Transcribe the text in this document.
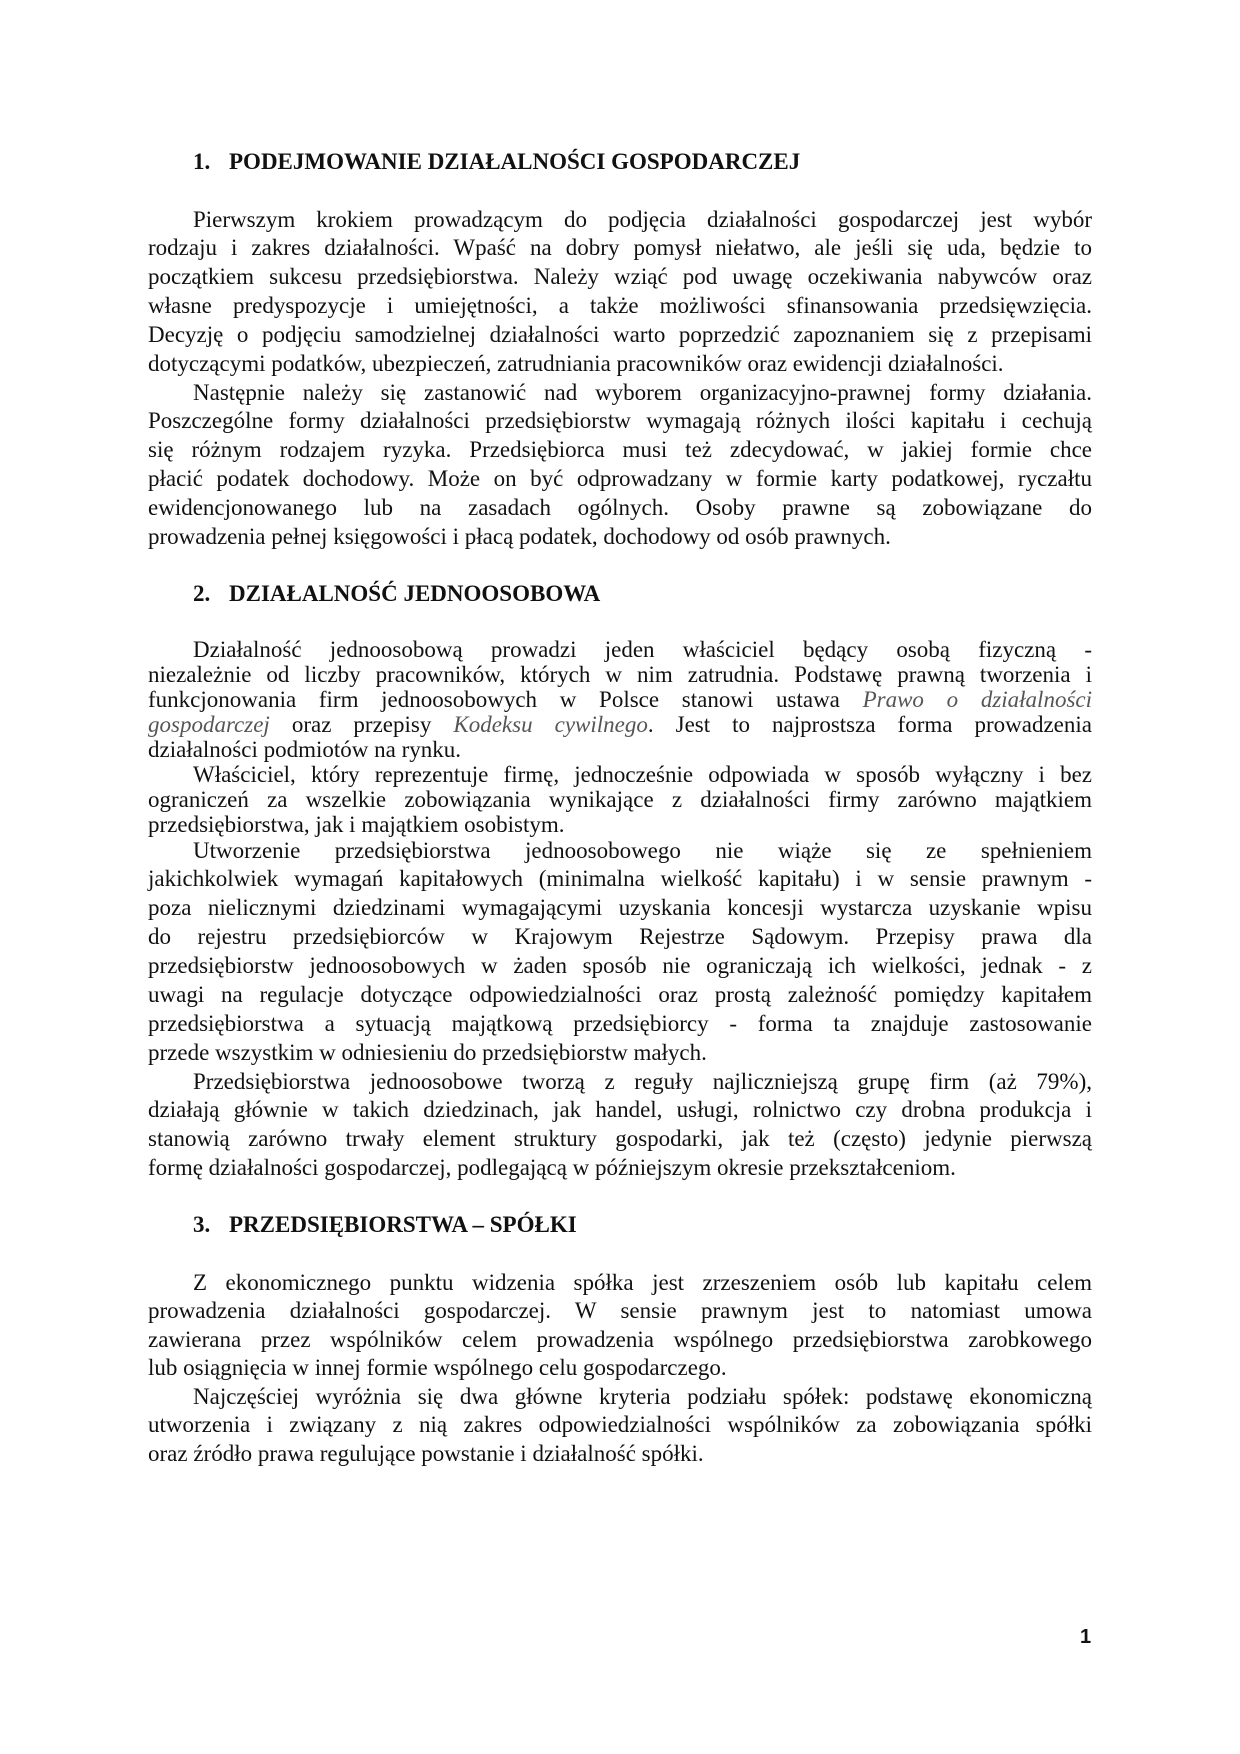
1. PODEJMOWANIE DZIAŁALNOŚCI GOSPODARCZEJ
Pierwszym krokiem prowadzącym do podjęcia działalności gospodarczej jest wybór
rodzaju i zakres działalności. Wpaść na dobry pomysł niełatwo, ale jeśli się uda, będzie to
początkiem sukcesu przedsiębiorstwa. Należy wziąć pod uwagę oczekiwania nabywców oraz
własne predyspozycje i umiejętności, a także możliwości sfinansowania przedsięwzięcia.
Decyzję o podjęciu samodzielnej działalności warto poprzedzić zapoznaniem się z przepisami
dotyczącymi podatków, ubezpieczeń, zatrudniania pracowników oraz ewidencji działalności.
Następnie należy się zastanowić nad wyborem organizacyjno-prawnej formy działania.
Poszczególne formy działalności przedsiębiorstw wymagają różnych ilości kapitału i cechują
się różnym rodzajem ryzyka. Przedsiębiorca musi też zdecydować, w jakiej formie chce
płacić podatek dochodowy. Może on być odprowadzany w formie karty podatkowej, ryczałtu
ewidencjonowanego lub na zasadach ogólnych. Osoby prawne są zobowiązane do
prowadzenia pełnej księgowości i płacą podatek, dochodowy od osób prawnych.
2. DZIAŁALNOŚĆ JEDNOOSOBOWA
Działalność jednoosobową prowadzi jeden właściciel będący osobą fizyczną -
niezależnie od liczby pracowników, których w nim zatrudnia. Podstawę prawną tworzenia i
funkcjonowania firm jednoosobowych w Polsce stanowi ustawa Prawo o działalności
gospodarczej oraz przepisy Kodeksu cywilnego. Jest to najprostsza forma prowadzenia
działalności podmiotów na rynku.
Właściciel, który reprezentuje firmę, jednocześnie odpowiada w sposób wyłączny i bez
ograniczeń za wszelkie zobowiązania wynikające z działalności firmy zarówno majątkiem
przedsiębiorstwa, jak i majątkiem osobistym.
Utworzenie przedsiębiorstwa jednoosobowego nie wiąże się ze spełnieniem
jakichkolwiek wymagań kapitałowych (minimalna wielkość kapitału) i w sensie prawnym -
poza nielicznymi dziedzinami wymagającymi uzyskania koncesji wystarcza uzyskanie wpisu
do rejestru przedsiębiorców w Krajowym Rejestrze Sądowym. Przepisy prawa dla
przedsiębiorstw jednoosobowych w żaden sposób nie ograniczają ich wielkości, jednak - z
uwagi na regulacje dotyczące odpowiedzialności oraz prostą zależność pomiędzy kapitałem
przedsiębiorstwa a sytuacją majątkową przedsiębiorcy - forma ta znajduje zastosowanie
przede wszystkim w odniesieniu do przedsiębiorstw małych.
Przedsiębiorstwa jednoosobowe tworzą z reguły najliczniejszą grupę firm (aż 79%),
działają głównie w takich dziedzinach, jak handel, usługi, rolnictwo czy drobna produkcja i
stanowią zarówno trwały element struktury gospodarki, jak też (często) jedynie pierwszą
formę działalności gospodarczej, podlegającą w późniejszym okresie przekształceniom.
3. PRZEDSIĘBIORSTWA – SPÓŁKI
Z ekonomicznego punktu widzenia spółka jest zrzeszeniem osób lub kapitału celem
prowadzenia działalności gospodarczej. W sensie prawnym jest to natomiast umowa
zawierana przez wspólników celem prowadzenia wspólnego przedsiębiorstwa zarobkowego
lub osiągnięcia w innej formie wspólnego celu gospodarczego.
Najczęściej wyróżnia się dwa główne kryteria podziału spółek: podstawę ekonomiczną
utworzenia i związany z nią zakres odpowiedzialności wspólników za zobowiązania spółki
oraz źródło prawa regulujące powstanie i działalność spółki.
1
